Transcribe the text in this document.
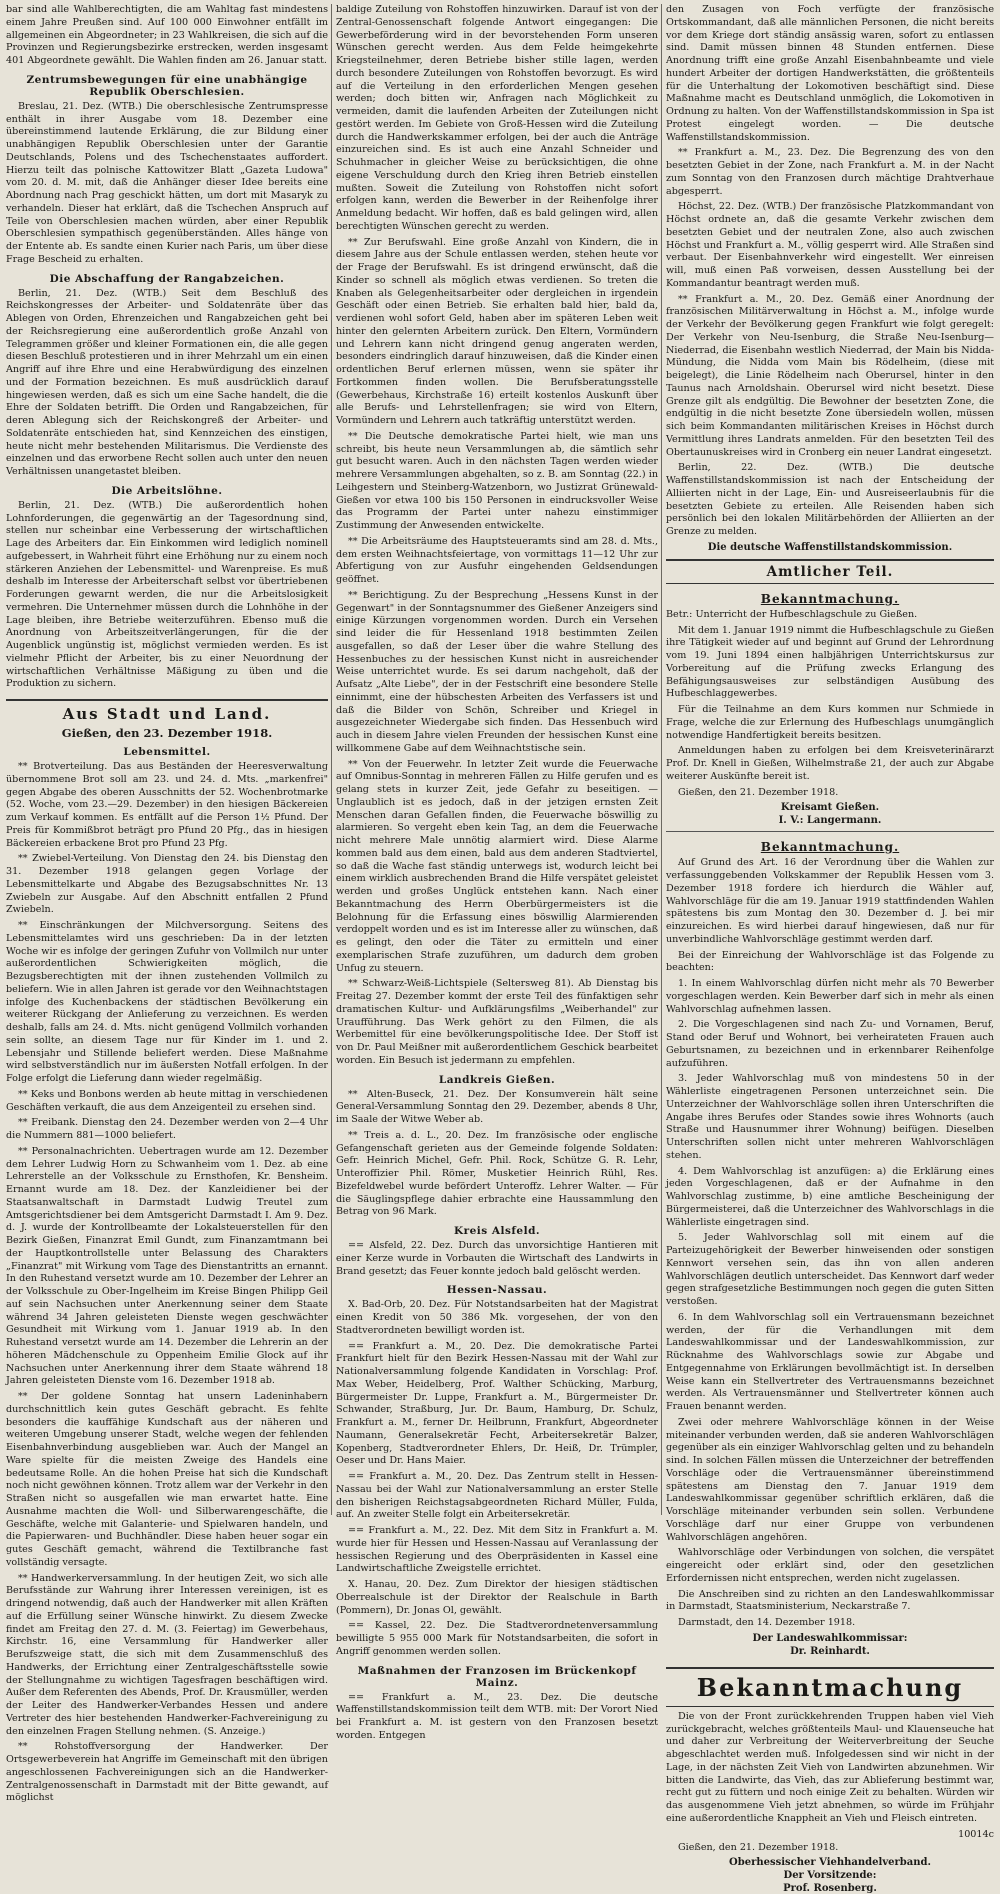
bar sind alle Wahlberechtigten, die am Wahltag fast mindestens einem Jahre Preußen sind. Auf 100 000 Einwohner entfällt im allgemeinen ein Abgeordneter; in 23 Wahlkreisen, die sich auf die Provinzen und Regierungsbezirke erstrecken, werden insgesamt 401 Abgeordnete gewählt. Die Wahlen finden am 26. Januar statt.

Zentrumsbewegungen für eine unabhängige Republik Oberschlesien.

Breslau, 21. Dez. (WTB.) Die oberschlesische Zentrumspresse enthält in ihrer Ausgabe vom 18. Dezember eine übereinstimmend lautende Erklärung, die zur Bildung einer unabhängigen Republik Oberschlesien unter der Garantie Deutschlands, Polens und des Tschechenstaates auffordert. Hierzu teilt das polnische Kattowitzer Blatt „Gazeta Ludowa" vom 20. d. M. mit, daß die Anhänger dieser Idee bereits eine Abordnung nach Prag geschickt hätten, um dort mit Masaryk zu verhandeln. Dieser hat erklärt, daß die Tschechen Anspruch auf Teile von Oberschlesien machen würden, aber einer Republik Oberschlesien sympathisch gegenüberständen. Alles hänge von der Entente ab. Es sandte einen Kurier nach Paris, um über diese Frage Bescheid zu erhalten.

Die Abschaffung der Rangabzeichen.

Berlin, 21. Dez. (WTB.) Seit dem Beschluß des Reichskongresses der Arbeiter- und Soldatenräte über das Ablegen von Orden, Ehrenzeichen und Rangabzeichen geht bei der Reichsregierung eine außerordentlich große Anzahl von Telegrammen größer und kleiner Formationen ein, die alle gegen diesen Beschluß protestieren und in ihrer Mehrzahl um ein einen Angriff auf ihre Ehre und eine Herabwürdigung des einzelnen und der Formation bezeichnen. Es muß ausdrücklich darauf hingewiesen werden, daß es sich um eine Sache handelt, die die Ehre der Soldaten betrifft. Die Orden und Rangabzeichen, für deren Ablegung sich der Reichskongreß der Arbeiter- und Soldatenräte entschieden hat, sind Kennzeichen des einstigen, heute nicht mehr bestehenden Militarismus. Die Verdienste des einzelnen und das erworbene Recht sollen auch unter den neuen Verhältnissen unangetastet bleiben.

Die Arbeitslöhne.

Berlin, 21. Dez. (WTB.) Die außerordentlich hohen Lohnforderungen, die gegenwärtig an der Tagesordnung sind, stellen nur scheinbar eine Verbesserung der wirtschaftlichen Lage des Arbeiters dar. Ein Einkommen wird lediglich nominell aufgebessert, in Wahrheit führt eine Erhöhung nur zu einem noch stärkeren Anziehen der Lebensmittel- und Warenpreise. Es muß deshalb im Interesse der Arbeiterschaft selbst vor übertriebenen Forderungen gewarnt werden, die nur die Arbeitslosigkeit vermehren. Die Unternehmer müssen durch die Lohnhöhe in der Lage bleiben, ihre Betriebe weiterzuführen. Ebenso muß die Anordnung von Arbeitszeitverlängerungen, für die der Augenblick ungünstig ist, möglichst vermieden werden. Es ist vielmehr Pflicht der Arbeiter, bis zu einer Neuordnung der wirtschaftlichen Verhältnisse Mäßigung zu üben und die Produktion zu sichern.

Aus Stadt und Land.
Gießen, den 23. Dezember 1918.
Lebensmittel.

** Brotverteilung. Das aus Beständen der Heeresverwaltung übernommene Brot soll am 23. und 24. d. Mts. „markenfrei" gegen Abgabe des oberen Ausschnitts der 52. Wochenbrotmarke (52. Woche, vom 23.—29. Dezember) in den hiesigen Bäckereien zum Verkauf kommen. Es entfällt auf die Person 1½ Pfund. Der Preis für Kommißbrot beträgt pro Pfund 20 Pfg., das in hiesigen Bäckereien erbackene Brot pro Pfund 23 Pfg.

** Zwiebel-Verteilung. Von Dienstag den 24. bis Dienstag den 31. Dezember 1918 gelangen gegen Vorlage der Lebensmittelkarte und Abgabe des Bezugsabschnittes Nr. 13 Zwiebeln zur Ausgabe. Auf den Abschnitt entfallen 2 Pfund Zwiebeln.

** Einschränkungen der Milchversorgung. Seitens des Lebensmittelamtes wird uns geschrieben: Da in der letzten Woche wir es infolge der geringen Zufuhr von Vollmilch nur unter außerordentlichen Schwierigkeiten möglich, die Bezugsberechtigten mit der ihnen zustehenden Vollmilch zu beliefern. Wie in allen Jahren ist gerade vor den Weihnachtstagen infolge des Kuchenbackens der städtischen Bevölkerung ein weiterer Rückgang der Anlieferung zu verzeichnen. Es werden deshalb, falls am 24. d. Mts. nicht genügend Vollmilch vorhanden sein sollte, an diesem Tage nur für Kinder im 1. und 2. Lebensjahr und Stillende beliefert werden. Diese Maßnahme wird selbstverständlich nur im äußersten Notfall erfolgen. In der Folge erfolgt die Lieferung dann wieder regelmäßig.

** Keks und Bonbons werden ab heute mittag in verschiedenen Geschäften verkauft, die aus dem Anzeigenteil zu ersehen sind.

** Freibank. Dienstag den 24. Dezember werden von 2—4 Uhr die Nummern 881—1000 beliefert.

** Personalnachrichten. Uebertragen wurde am 12. Dezember dem Lehrer Ludwig Horn zu Schwanheim vom 1. Dez. ab eine Lehrerstelle an der Volksschule zu Ernsthofen, Kr. Bensheim. Ernannt wurde am 18. Dez. der Kanzleidiener bei der Staatsanwaltschaft in Darmstadt Ludwig Treutel zum Amtsgerichtsdiener bei dem Amtsgericht Darmstadt I. Am 9. Dez. d. J. wurde der Kontrollbeamte der Lokalsteuerstellen für den Bezirk Gießen, Finanzrat Emil Gundt, zum Finanzamtmann bei der Hauptkontrollstelle unter Belassung des Charakters „Finanzrat" mit Wirkung vom Tage des Dienstantritts an ernannt. In den Ruhestand versetzt wurde am 10. Dezember der Lehrer an der Volksschule zu Ober-Ingelheim im Kreise Bingen Philipp Geil auf sein Nachsuchen unter Anerkennung seiner dem Staate während 34 Jahren geleisteten Dienste wegen geschwächter Gesundheit mit Wirkung vom 1. Januar 1919 ab. In den Ruhestand versetzt wurde am 14. Dezember die Lehrerin an der höheren Mädchenschule zu Oppenheim Emilie Glock auf ihr Nachsuchen unter Anerkennung ihrer dem Staate während 18 Jahren geleisteten Dienste vom 16. Dezember 1918 ab.

** Der goldene Sonntag hat unsern Ladeninhabern durchschnittlich kein gutes Geschäft gebracht. Es fehlte besonders die kauffähige Kundschaft aus der näheren und weiteren Umgebung unserer Stadt, welche wegen der fehlenden Eisenbahnverbindung ausgeblieben war. Auch der Mangel an Ware spielte für die meisten Zweige des Handels eine bedeutsame Rolle. An die hohen Preise hat sich die Kundschaft noch nicht gewöhnen können. Trotz allem war der Verkehr in den Straßen nicht so ausgefallen wie man erwartet hatte. Eine Ausnahme machten die Woll- und Silberwarengeschäfte, die Geschäfte, welche mit Galanterie- und Spielwaren handeln, und die Papierwaren- und Buchhändler. Diese haben heuer sogar ein gutes Geschäft gemacht, während die Textilbranche fast vollständig versagte.

** Handwerkerversammlung. In der heutigen Zeit, wo sich alle Berufsstände zur Wahrung ihrer Interessen vereinigen, ist es dringend notwendig, daß auch der Handwerker mit allen Kräften auf die Erfüllung seiner Wünsche hinwirkt. Zu diesem Zwecke findet am Freitag den 27. d. M. (3. Feiertag) im Gewerbehaus, Kirchstr. 16, eine Versammlung für Handwerker aller Berufszweige statt, die sich mit dem Zusammenschluß des Handwerks, der Errichtung einer Zentralgeschäftsstelle sowie der Stellungnahme zu wichtigen Tagesfragen beschäftigen wird. Außer dem Referenten des Abends, Prof. Dr. Krausmüller, werden der Leiter des Handwerker-Verbandes Hessen und andere Vertreter des hier bestehenden Handwerker-Fachvereinigung zu den einzelnen Fragen Stellung nehmen. (S. Anzeige.)

** Rohstoffversorgung der Handwerker. Der Ortsgewerbeverein hat Angriffe im Gemeinschaft mit den übrigen angeschlossenen Fachvereinigungen sich an die Handwerker-Zentralgenossenschaft in Darmstadt mit der Bitte gewandt, auf möglichst

baldige Zuteilung von Rohstoffen hinzuwirken. Darauf ist von der Zentral-Genossenschaft folgende Antwort eingegangen: Die Gewerbeförderung wird in der bevorstehenden Form unseren Wünschen gerecht werden. Aus dem Felde heimgekehrte Kriegsteilnehmer, deren Betriebe bisher stille lagen, werden durch besondere Zuteilungen von Rohstoffen bevorzugt. Es wird auf die Verteilung in den erforderlichen Mengen gesehen werden; doch bitten wir, Anfragen nach Möglichkeit zu vermeiden, damit die laufenden Arbeiten der Zuteilungen nicht gestört werden. Im Gebiete von Groß-Hessen wird die Zuteilung durch die Handwerkskammer erfolgen, bei der auch die Anträge einzureichen sind. Es ist auch eine Anzahl Schneider und Schuhmacher in gleicher Weise zu berücksichtigen, die ohne eigene Verschuldung durch den Krieg ihren Betrieb einstellen mußten. Soweit die Zuteilung von Rohstoffen nicht sofort erfolgen kann, werden die Bewerber in der Reihenfolge ihrer Anmeldung bedacht. Wir hoffen, daß es bald gelingen wird, allen berechtigten Wünschen gerecht zu werden.

** Zur Berufswahl. Eine große Anzahl von Kindern, die in diesem Jahre aus der Schule entlassen werden, stehen heute vor der Frage der Berufswahl. Es ist dringend erwünscht, daß die Kinder so schnell als möglich etwas verdienen. So treten die Knaben als Gelegenheitsarbeiter oder dergleichen in irgendein Geschäft oder einen Betrieb. Sie erhalten bald hier, bald da, verdienen wohl sofort Geld, haben aber im späteren Leben weit hinter den gelernten Arbeitern zurück. Den Eltern, Vormündern und Lehrern kann nicht dringend genug angeraten werden, besonders eindringlich darauf hinzuweisen, daß die Kinder einen ordentlichen Beruf erlernen müssen, wenn sie später ihr Fortkommen finden wollen. Die Berufsberatungsstelle (Gewerbehaus, Kirchstraße 16) erteilt kostenlos Auskunft über alle Berufs- und Lehrstellenfragen; sie wird von Eltern, Vormündern und Lehrern auch tatkräftig unterstützt werden.

** Die Deutsche demokratische Partei hielt, wie man uns schreibt, bis heute neun Versammlungen ab, die sämtlich sehr gut besucht waren. Auch in den nächsten Tagen werden wieder mehrere Versammlungen abgehalten, so z. B. am Sonntag (22.) in Leihgestern und Steinberg-Watzenborn, wo Justizrat Grünewald-Gießen vor etwa 100 bis 150 Personen in eindrucksvoller Weise das Programm der Partei unter nahezu einstimmiger Zustimmung der Anwesenden entwickelte.

** Die Arbeitsräume des Hauptsteueramts sind am 28. d. Mts., dem ersten Weihnachtsfeiertage, von vormittags 11—12 Uhr zur Abfertigung von zur Ausfuhr eingehenden Geldsendungen geöffnet.

** Berichtigung. Zu der Besprechung „Hessens Kunst in der Gegenwart" in der Sonntagsnummer des Gießener Anzeigers sind einige Kürzungen vorgenommen worden. Durch ein Versehen sind leider die für Hessenland 1918 bestimmten Zeilen ausgefallen, so daß der Leser über die wahre Stellung des Hessenbuches zu der hessischen Kunst nicht in ausreichender Weise unterrichtet wurde. Es sei darum nachgeholt, daß der Aufsatz „Alte Liebe", der in der Festschrift eine besondere Stelle einnimmt, eine der hübschesten Arbeiten des Verfassers ist und daß die Bilder von Schön, Schreiber und Kriegel in ausgezeichneter Wiedergabe sich finden. Das Hessenbuch wird auch in diesem Jahre vielen Freunden der hessischen Kunst eine willkommene Gabe auf dem Weihnachtstische sein.

** Von der Feuerwehr. In letzter Zeit wurde die Feuerwache auf Omnibus-Sonntag in mehreren Fällen zu Hilfe gerufen und es gelang stets in kurzer Zeit, jede Gefahr zu beseitigen. — Unglaublich ist es jedoch, daß in der jetzigen ernsten Zeit Menschen daran Gefallen finden, die Feuerwache böswillig zu alarmieren. So vergeht eben kein Tag, an dem die Feuerwache nicht mehrere Male unnötig alarmiert wird. Diese Alarme kommen bald aus dem einen, bald aus dem anderen Stadtviertel, so daß die Wache fast ständig unterwegs ist, wodurch leicht bei einem wirklich ausbrechenden Brand die Hilfe verspätet geleistet werden und großes Unglück entstehen kann. Nach einer Bekanntmachung des Herrn Oberbürgermeisters ist die Belohnung für die Erfassung eines böswillig Alarmierenden verdoppelt worden und es ist im Interesse aller zu wünschen, daß es gelingt, den oder die Täter zu ermitteln und einer exemplarischen Strafe zuzuführen, um dadurch dem groben Unfug zu steuern.

** Schwarz-Weiß-Lichtspiele (Seltersweg 81). Ab Dienstag bis Freitag 27. Dezember kommt der erste Teil des fünfaktigen sehr dramatischen Kultur- und Aufklärungsfilms „Weiberhandel" zur Uraufführung. Das Werk gehört zu den Filmen, die als Werbemittel für eine bevölkerungspolitische Idee. Der Stoff ist von Dr. Paul Meißner mit außerordentlichem Geschick bearbeitet worden. Ein Besuch ist jedermann zu empfehlen.

Landkreis Gießen.

** Alten-Buseck, 21. Dez. Der Konsumverein hält seine General-Versammlung Sonntag den 29. Dezember, abends 8 Uhr, im Saale der Witwe Weber ab.

** Treis a. d. L., 20. Dez. Im französische oder englische Gefangenschaft gerieten aus der Gemeinde folgende Soldaten: Gefr. Heinrich Michel, Gefr. Phil. Rock, Schütze G. R. Lehr, Unteroffizier Phil. Römer, Musketier Heinrich Rühl, Res. Bizefeldwebel wurde befördert Unteroffz. Lehrer Walter. — Für die Säuglingspflege dahier erbrachte eine Haussammlung den Betrag von 96 Mark.

Kreis Alsfeld.

== Alsfeld, 22. Dez. Durch das unvorsichtige Hantieren mit einer Kerze wurde in Vorbauten die Wirtschaft des Landwirts in Brand gesetzt; das Feuer konnte jedoch bald gelöscht werden.

Hessen-Nassau.

X. Bad-Orb, 20. Dez. Für Notstandsarbeiten hat der Magistrat einen Kredit von 50 386 Mk. vorgesehen, der von den Stadtverordneten bewilligt worden ist.

== Frankfurt a. M., 20. Dez. Die demokratische Partei Frankfurt hielt für den Bezirk Hessen-Nassau mit der Wahl zur Nationalversammlung folgende Kandidaten in Vorschlag: Prof. Max Weber, Heidelberg, Prof. Walther Schücking, Marburg, Bürgermeister Dr. Luppe, Frankfurt a. M., Bürgermeister Dr. Schwander, Straßburg, Jur. Dr. Baum, Hamburg, Dr. Schulz, Frankfurt a. M., ferner Dr. Heilbrunn, Frankfurt, Abgeordneter Naumann, Generalsekretär Fecht, Arbeitersekretär Balzer, Kopenberg, Stadtverordneter Ehlers, Dr. Heiß, Dr. Trümpler, Oeser und Dr. Hans Maier.

== Frankfurt a. M., 20. Dez. Das Zentrum stellt in Hessen-Nassau bei der Wahl zur Nationalversammlung an erster Stelle den bisherigen Reichstagsabgeordneten Richard Müller, Fulda, auf. An zweiter Stelle folgt ein Arbeitersekretär.

== Frankfurt a. M., 22. Dez. Mit dem Sitz in Frankfurt a. M. wurde hier für Hessen und Hessen-Nassau auf Veranlassung der hessischen Regierung und des Oberpräsidenten in Kassel eine Landwirtschaftliche Zweigstelle errichtet.

X. Hanau, 20. Dez. Zum Direktor der hiesigen städtischen Oberrealschule ist der Direktor der Realschule in Barth (Pommern), Dr. Jonas Ol, gewählt.

== Kassel, 22. Dez. Die Stadtverordnetenversammlung bewilligte 5 955 000 Mark für Notstandsarbeiten, die sofort in Angriff genommen werden sollen.

Maßnahmen der Franzosen im Brückenkopf Mainz.

== Frankfurt a. M., 23. Dez. Die deutsche Waffenstillstandskommission teilt dem WTB. mit: Der Vorort Nied bei Frankfurt a. M. ist gestern von den Franzosen besetzt worden. Entgegen

den Zusagen von Foch verfügte der französische Ortskommandant, daß alle männlichen Personen, die nicht bereits vor dem Kriege dort ständig ansässig waren, sofort zu entlassen sind. Damit müssen binnen 48 Stunden entfernen. Diese Anordnung trifft eine große Anzahl Eisenbahnbeamte und viele hundert Arbeiter der dortigen Handwerkstätten, die größtenteils für die Unterhaltung der Lokomotiven beschäftigt sind. Diese Maßnahme macht es Deutschland unmöglich, die Lokomotiven in Ordnung zu halten. Von der Waffenstillstandskommission in Spa ist Protest eingelegt worden. — Die deutsche Waffenstillstandskommission.

** Frankfurt a. M., 23. Dez. Die Begrenzung des von den besetzten Gebiet in der Zone, nach Frankfurt a. M. in der Nacht zum Sonntag von den Franzosen durch mächtige Drahtverhaue abgesperrt.

Höchst, 22. Dez. (WTB.) Der französische Platzkommandant von Höchst ordnete an, daß die gesamte Verkehr zwischen dem besetzten Gebiet und der neutralen Zone, also auch zwischen Höchst und Frankfurt a. M., völlig gesperrt wird. Alle Straßen sind verbaut. Der Eisenbahnverkehr wird eingestellt. Wer einreisen will, muß einen Paß vorweisen, dessen Ausstellung bei der Kommandantur beantragt werden muß.

** Frankfurt a. M., 20. Dez. Gemäß einer Anordnung der französischen Militärverwaltung in Höchst a. M., infolge wurde der Verkehr der Bevölkerung gegen Frankfurt wie folgt geregelt: Der Verkehr von Neu-Isenburg, die Straße Neu-Isenburg—Niederrad, die Eisenbahn westlich Niederrad, der Main bis Nidda-Mündung, die Nidda vom Main bis Rödelheim, (diese mit beigelegt), die Linie Rödelheim nach Oberursel, hinter in den Taunus nach Arnoldshain. Oberursel wird nicht besetzt. Diese Grenze gilt als endgültig. Die Bewohner der besetzten Zone, die endgültig in die nicht besetzte Zone übersiedeln wollen, müssen sich beim Kommandanten militärischen Kreises in Höchst durch Vermittlung ihres Landrats anmelden. Für den besetzten Teil des Obertaunuskreises wird in Cronberg ein neuer Landrat eingesetzt.

Berlin, 22. Dez. (WTB.) Die deutsche Waffenstillstandskommission ist nach der Entscheidung der Alliierten nicht in der Lage, Ein- und Ausreiseerlaubnis für die besetzten Gebiete zu erteilen. Alle Reisenden haben sich persönlich bei den lokalen Militärbehörden der Alliierten an der Grenze zu melden.

Die deutsche Waffenstillstandskommission.
Amtlicher Teil.
Bekanntmachung.

Betr.: Unterricht der Hufbeschlagschule zu Gießen.

Mit dem 1. Januar 1919 nimmt die Hufbeschlagschule zu Gießen ihre Tätigkeit wieder auf und beginnt auf Grund der Lehrordnung vom 19. Juni 1894 einen halbjährigen Unterrichtskursus zur Vorbereitung auf die Prüfung zwecks Erlangung des Befähigungsausweises zur selbständigen Ausübung des Hufbeschlaggewerbes.

Für die Teilnahme an dem Kurs kommen nur Schmiede in Frage, welche die zur Erlernung des Hufbeschlags unumgänglich notwendige Handfertigkeit bereits besitzen.

Anmeldungen haben zu erfolgen bei dem Kreisveterinärarzt Prof. Dr. Knell in Gießen, Wilhelmstraße 21, der auch zur Abgabe weiterer Auskünfte bereit ist.

Gießen, den 21. Dezember 1918.

Kreisamt Gießen.
I. V.: Langermann.
Bekanntmachung.

Auf Grund des Art. 16 der Verordnung über die Wahlen zur verfassunggebenden Volkskammer der Republik Hessen vom 3. Dezember 1918 fordere ich hierdurch die Wähler auf, Wahlvorschläge für die am 19. Januar 1919 stattfindenden Wahlen spätestens bis zum Montag den 30. Dezember d. J. bei mir einzureichen. Es wird hierbei darauf hingewiesen, daß nur für unverbindliche Wahlvorschläge gestimmt werden darf.

Bei der Einreichung der Wahlvorschläge ist das Folgende zu beachten:

1. In einem Wahlvorschlag dürfen nicht mehr als 70 Bewerber vorgeschlagen werden. Kein Bewerber darf sich in mehr als einen Wahlvorschlag aufnehmen lassen.

2. Die Vorgeschlagenen sind nach Zu- und Vornamen, Beruf, Stand oder Beruf und Wohnort, bei verheirateten Frauen auch Geburtsnamen, zu bezeichnen und in erkennbarer Reihenfolge aufzuführen.

3. Jeder Wahlvorschlag muß von mindestens 50 in der Wählerliste eingetragenen Personen unterzeichnet sein. Die Unterzeichner der Wahlvorschläge sollen ihren Unterschriften die Angabe ihres Berufes oder Standes sowie ihres Wohnorts (auch Straße und Hausnummer ihrer Wohnung) beifügen. Dieselben Unterschriften sollen nicht unter mehreren Wahlvorschlägen stehen.

4. Dem Wahlvorschlag ist anzufügen: a) die Erklärung eines jeden Vorgeschlagenen, daß er der Aufnahme in den Wahlvorschlag zustimme, b) eine amtliche Bescheinigung der Bürgermeisterei, daß die Unterzeichner des Wahlvorschlags in die Wählerliste eingetragen sind.

5. Jeder Wahlvorschlag soll mit einem auf die Parteizugehörigkeit der Bewerber hinweisenden oder sonstigen Kennwort versehen sein, das ihn von allen anderen Wahlvorschlägen deutlich unterscheidet. Das Kennwort darf weder gegen strafgesetzliche Bestimmungen noch gegen die guten Sitten verstoßen.

6. In dem Wahlvorschlag soll ein Vertrauensmann bezeichnet werden, der für die Verhandlungen mit dem Landeswahlkommissar und der Landeswahlkommission, zur Rücknahme des Wahlvorschlags sowie zur Abgabe und Entgegennahme von Erklärungen bevollmächtigt ist. In derselben Weise kann ein Stellvertreter des Vertrauensmanns bezeichnet werden. Als Vertrauensmänner und Stellvertreter können auch Frauen benannt werden.

Zwei oder mehrere Wahlvorschläge können in der Weise miteinander verbunden werden, daß sie anderen Wahlvorschlägen gegenüber als ein einziger Wahlvorschlag gelten und zu behandeln sind. In solchen Fällen müssen die Unterzeichner der betreffenden Vorschläge oder die Vertrauensmänner übereinstimmend spätestens am Dienstag den 7. Januar 1919 dem Landeswahlkommissar gegenüber schriftlich erklären, daß die Vorschläge miteinander verbunden sein sollen. Verbundene Vorschläge darf nur einer Gruppe von verbundenen Wahlvorschlägen angehören.

Wahlvorschläge oder Verbindungen von solchen, die verspätet eingereicht oder erklärt sind, oder den gesetzlichen Erfordernissen nicht entsprechen, werden nicht zugelassen.

Die Anschreiben sind zu richten an den Landeswahlkommissar in Darmstadt, Staatsministerium, Neckarstraße 7.

Darmstadt, den 14. Dezember 1918.

Der Landeswahlkommissar:
Dr. Reinhardt.
Bekanntmachung

Die von der Front zurückkehrenden Truppen haben viel Vieh zurückgebracht, welches größtenteils Maul- und Klauenseuche hat und daher zur Verbreitung der Weiterverbreitung der Seuche abgeschlachtet werden muß. Infolgedessen sind wir nicht in der Lage, in der nächsten Zeit Vieh von Landwirten abzunehmen. Wir bitten die Landwirte, das Vieh, das zur Ablieferung bestimmt war, recht gut zu füttern und noch einige Zeit zu behalten. Würden wir das ausgenommene Vieh jetzt abnehmen, so würde im Frühjahr eine außerordentliche Knappheit an Vieh und Fleisch eintreten.

10014c

Gießen, den 21. Dezember 1918.

Oberhessischer Viehhandelverband.
Der Vorsitzende:
Prof. Rosenberg.
